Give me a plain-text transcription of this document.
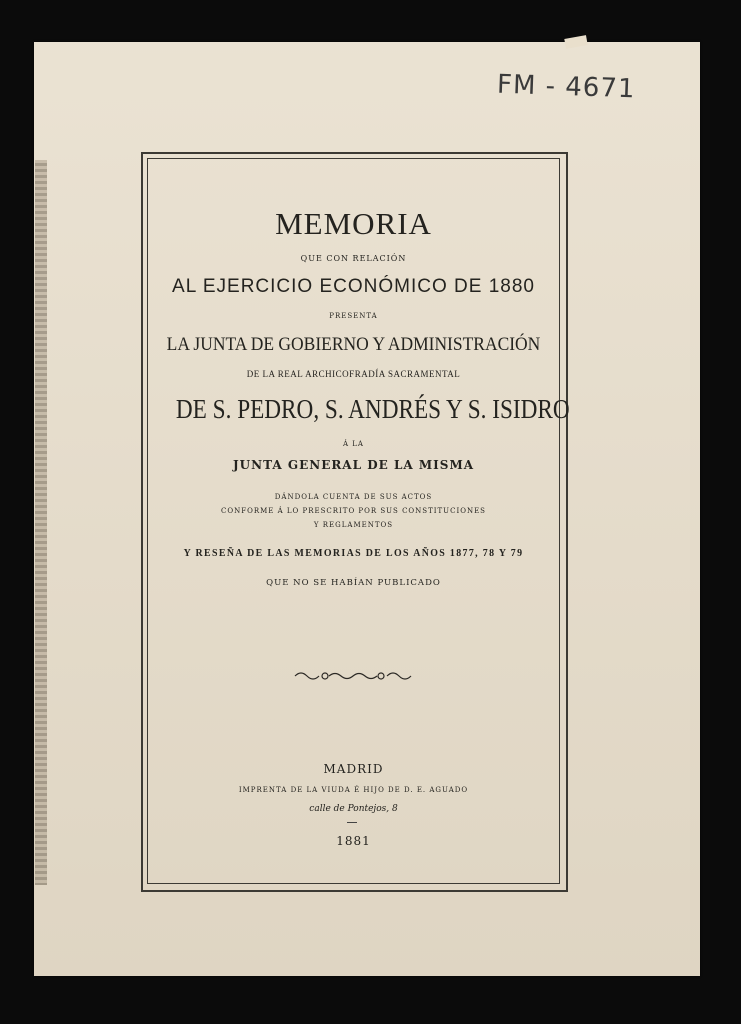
FM - 4671
MEMORIA
QUE CON RELACIÓN
AL EJERCICIO ECONÓMICO DE 1880
PRESENTA
LA JUNTA DE GOBIERNO Y ADMINISTRACIÓN
DE LA REAL ARCHICOFRADÍA SACRAMENTAL
DE S. PEDRO, S. ANDRÉS Y S. ISIDRO
Á LA
JUNTA GENERAL DE LA MISMA
DÁNDOLA CUENTA DE SUS ACTOS
CONFORME Á LO PRESCRITO POR SUS CONSTITUCIONES
Y REGLAMENTOS
Y RESEÑA DE LAS MEMORIAS DE LOS AÑOS 1877, 78 Y 79
QUE NO SE HABÍAN PUBLICADO
MADRID
IMPRENTA DE LA VIUDA É HIJO DE D. E. AGUADO
calle de Pontejos, 8
1881
